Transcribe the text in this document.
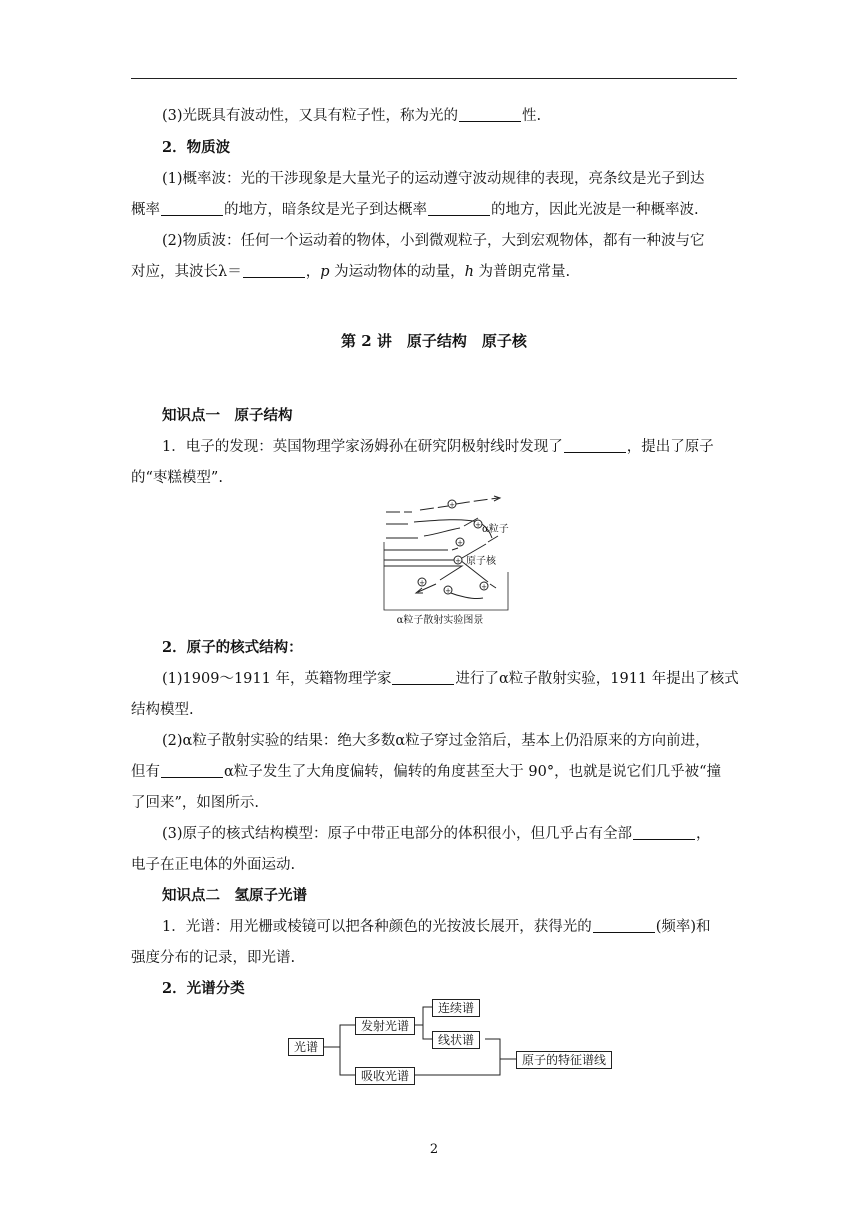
(3)光既具有波动性，又具有粒子性，称为光的	性.
2．物质波
(1)概率波：光的干涉现象是大量光子的运动遵守波动规律的表现，亮条纹是光子到达
概率	的地方，暗条纹是光子到达概率	的地方，因此光波是一种概率波.
(2)物质波：任何一个运动着的物体，小到微观粒子，大到宏观物体，都有一种波与它
对应，其波长λ＝	，p 为运动物体的动量，h 为普朗克常量.
第 2 讲　原子结构　原子核
知识点一　原子结构
1．电子的发现：英国物理学家汤姆孙在研究阴极射线时发现了	，提出了原子
的“枣糕模型”.
+
+
+
+
+
+
+
α粒子
原子核
α粒子散射实验图景
2．原子的核式结构：
(1)1909～1911 年，英籍物理学家	进行了α粒子散射实验，1911 年提出了核式
结构模型.
(2)α粒子散射实验的结果：绝大多数α粒子穿过金箔后，基本上仍沿原来的方向前进，
但有	α粒子发生了大角度偏转，偏转的角度甚至大于 90°，也就是说它们几乎被“撞
了回来”，如图所示.
(3)原子的核式结构模型：原子中带正电部分的体积很小，但几乎占有全部	，
电子在正电体的外面运动.
知识点二　氢原子光谱
1．光谱：用光栅或棱镜可以把各种颜色的光按波长展开，获得光的	(频率)和
强度分布的记录，即光谱.
2．光谱分类
光谱
发射光谱
连续谱
线状谱
吸收光谱
原子的特征谱线
2
